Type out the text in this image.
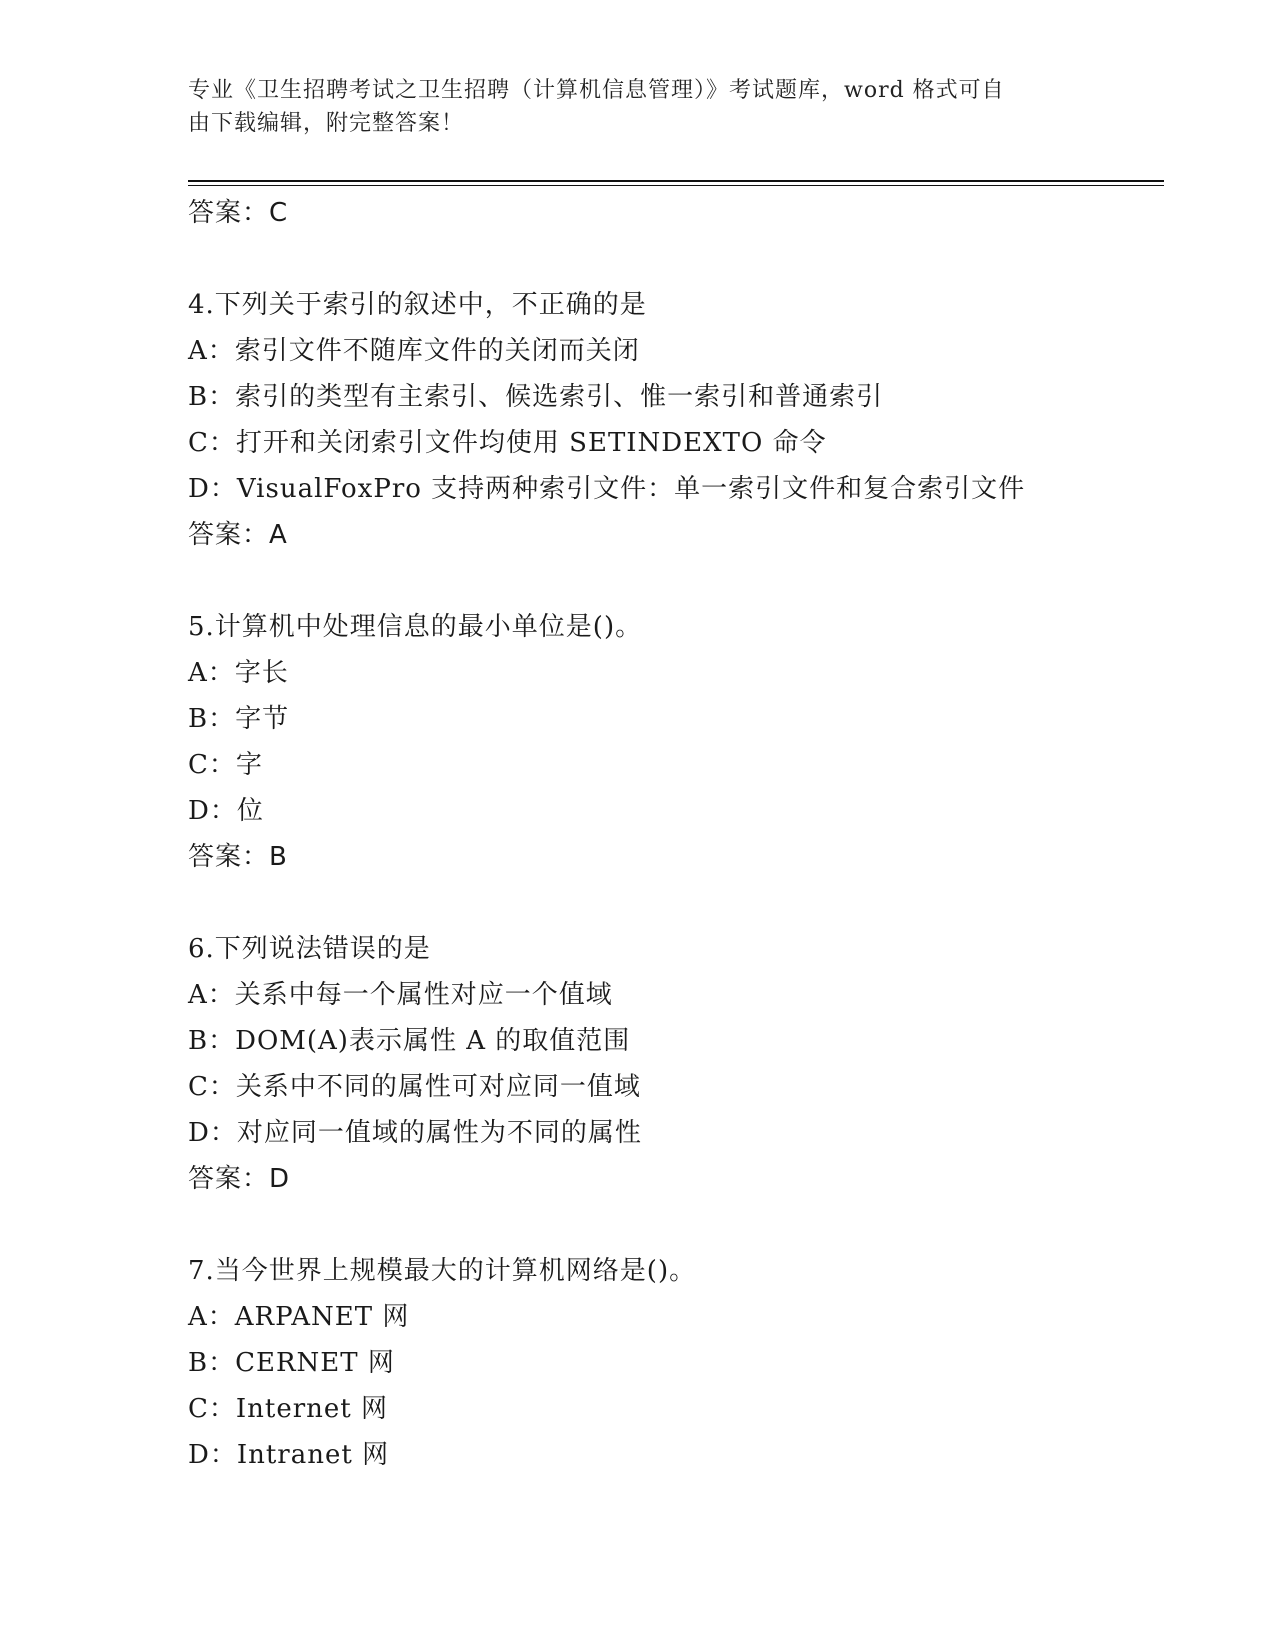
专业《卫生招聘考试之卫生招聘（计算机信息管理）》考试题库，word 格式可自
由下载编辑，附完整答案！
答案：C
4.下列关于索引的叙述中，不正确的是
A：索引文件不随库文件的关闭而关闭
B：索引的类型有主索引、候选索引、惟一索引和普通索引
C：打开和关闭索引文件均使用 SETINDEXTO 命令
D：VisualFoxPro 支持两种索引文件：单一索引文件和复合索引文件
答案：A
5.计算机中处理信息的最小单位是()。
A：字长
B：字节
C：字
D：位
答案：B
6.下列说法错误的是
A：关系中每一个属性对应一个值域
B：DOM(A)表示属性 A 的取值范围
C：关系中不同的属性可对应同一值域
D：对应同一值域的属性为不同的属性
答案：D
7.当今世界上规模最大的计算机网络是()。
A：ARPANET 网
B：CERNET 网
C：Internet 网
D：Intranet 网
